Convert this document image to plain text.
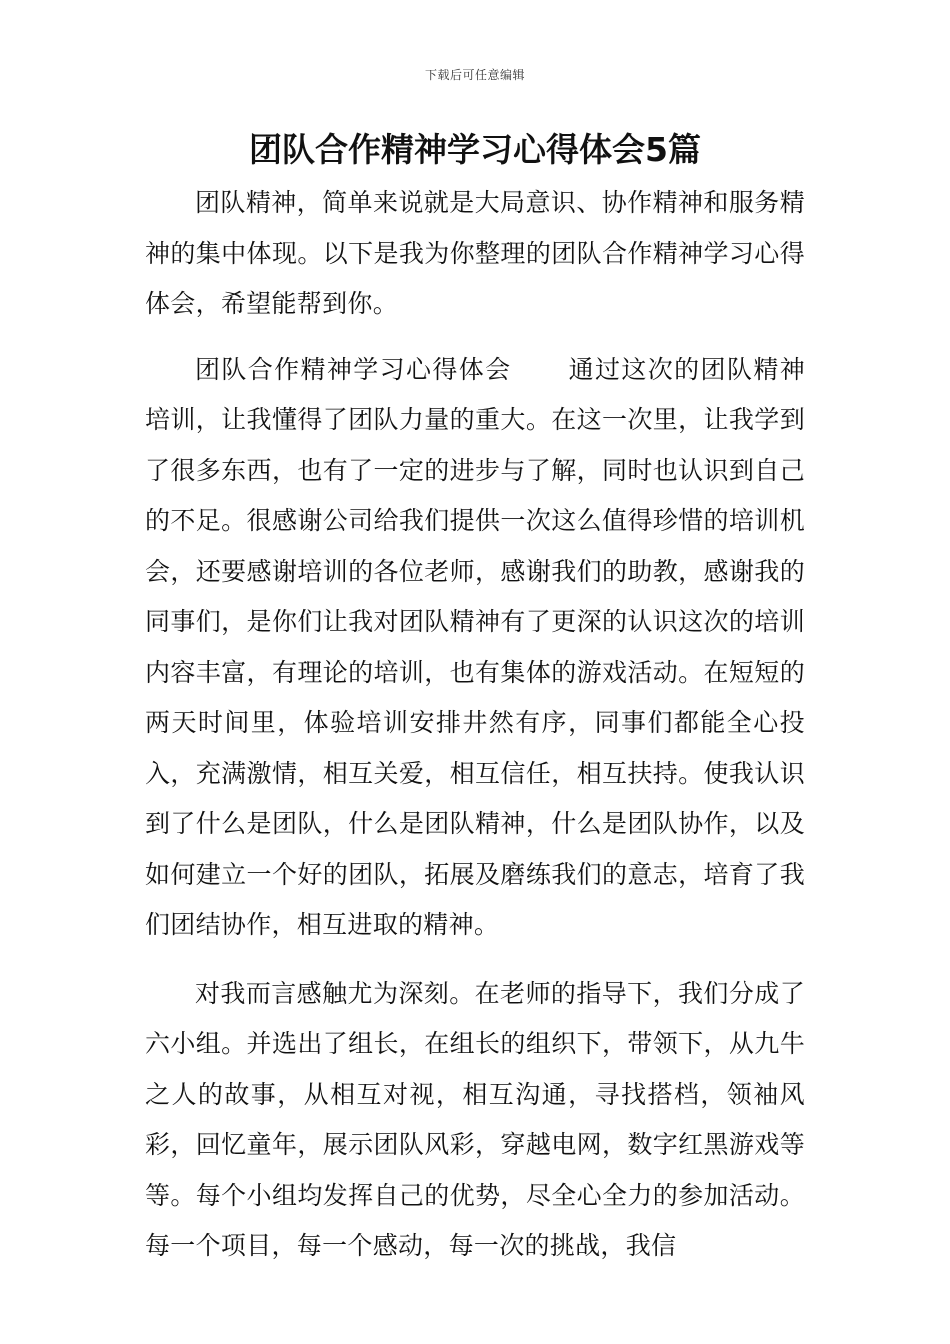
下载后可任意编辑
团队合作精神学习心得体会5篇

团队精神，简单来说就是大局意识、协作精神和服务精神的集中体现。以下是我为你整理的团队合作精神学习心得体会，希望能帮到你。

团队合作精神学习心得体会 通过这次的团队精神培训，让我懂得了团队力量的重大。在这一次里，让我学到了很多东西，也有了一定的进步与了解，同时也认识到自己的不足。很感谢公司给我们提供一次这么值得珍惜的培训机会，还要感谢培训的各位老师，感谢我们的助教，感谢我的同事们，是你们让我对团队精神有了更深的认识这次的培训内容丰富，有理论的培训，也有集体的游戏活动。在短短的两天时间里，体验培训安排井然有序，同事们都能全心投入，充满激情，相互关爱，相互信任，相互扶持。使我认识到了什么是团队，什么是团队精神，什么是团队协作，以及如何建立一个好的团队，拓展及磨练我们的意志，培育了我们团结协作，相互进取的精神。

对我而言感触尤为深刻。在老师的指导下，我们分成了六小组。并选出了组长，在组长的组织下，带领下，从九牛之人的故事，从相互对视，相互沟通，寻找搭档，领袖风彩，回忆童年，展示团队风彩，穿越电网，数字红黑游戏等等。每个小组均发挥自己的优势，尽全心全力的参加活动。每一个项目，每一个感动，每一次的挑战，我信
